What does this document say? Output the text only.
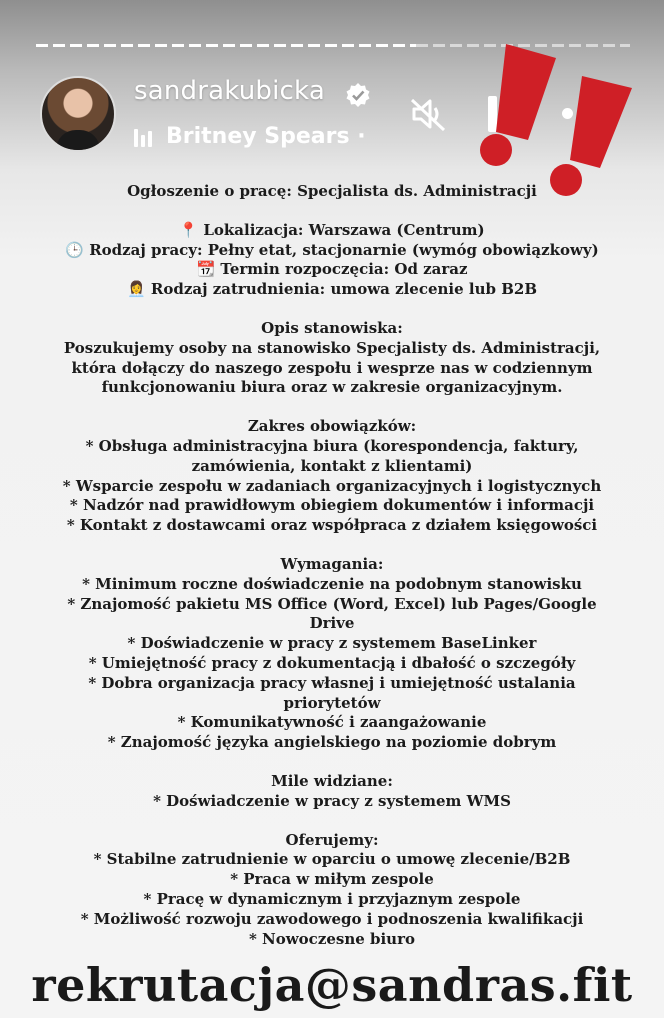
sandrakubicka
Britney Spears ·
Ogłoszenie o pracę: Specjalista ds. Administracji
📍 Lokalizacja: Warszawa (Centrum)
🕒 Rodzaj pracy: Pełny etat, stacjonarnie (wymóg obowiązkowy)
📆 Termin rozpoczęcia: Od zaraz
👩‍💼 Rodzaj zatrudnienia: umowa zlecenie lub B2B
Opis stanowiska:
Poszukujemy osoby na stanowisko Specjalisty ds. Administracji,
która dołączy do naszego zespołu i wesprze nas w codziennym
funkcjonowaniu biura oraz w zakresie organizacyjnym.
Zakres obowiązków:
* Obsługa administracyjna biura (korespondencja, faktury,
zamówienia, kontakt z klientami)
* Wsparcie zespołu w zadaniach organizacyjnych i logistycznych
* Nadzór nad prawidłowym obiegiem dokumentów i informacji
* Kontakt z dostawcami oraz współpraca z działem księgowości
Wymagania:
* Minimum roczne doświadczenie na podobnym stanowisku
* Znajomość pakietu MS Office (Word, Excel) lub Pages/Google
Drive
* Doświadczenie w pracy z systemem BaseLinker
* Umiejętność pracy z dokumentacją i dbałość o szczegóły
* Dobra organizacja pracy własnej i umiejętność ustalania
priorytetów
* Komunikatywność i zaangażowanie
* Znajomość języka angielskiego na poziomie dobrym
Mile widziane:
* Doświadczenie w pracy z systemem WMS
Oferujemy:
* Stabilne zatrudnienie w oparciu o umowę zlecenie/B2B
* Praca w miłym zespole
* Pracę w dynamicznym i przyjaznym zespole
* Możliwość rozwoju zawodowego i podnoszenia kwalifikacji
* Nowoczesne biuro
rekrutacja@sandras.fit
